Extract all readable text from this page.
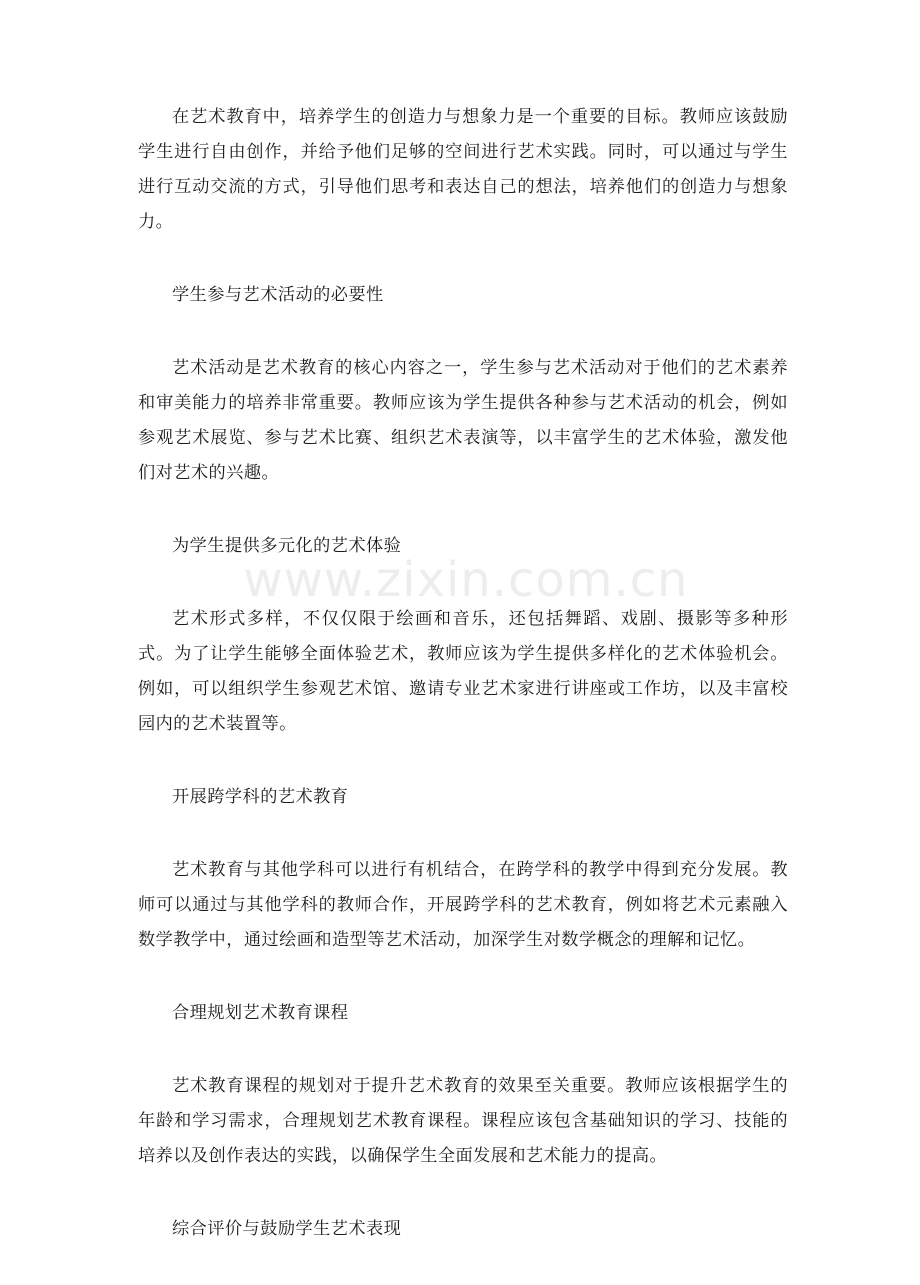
在艺术教育中，培养学生的创造力与想象力是一个重要的目标。教师应该鼓励学生进行自由创作，并给予他们足够的空间进行艺术实践。同时，可以通过与学生进行互动交流的方式，引导他们思考和表达自己的想法，培养他们的创造力与想象力。

学生参与艺术活动的必要性

艺术活动是艺术教育的核心内容之一，学生参与艺术活动对于他们的艺术素养和审美能力的培养非常重要。教师应该为学生提供各种参与艺术活动的机会，例如参观艺术展览、参与艺术比赛、组织艺术表演等，以丰富学生的艺术体验，激发他们对艺术的兴趣。

为学生提供多元化的艺术体验

艺术形式多样，不仅仅限于绘画和音乐，还包括舞蹈、戏剧、摄影等多种形式。为了让学生能够全面体验艺术，教师应该为学生提供多样化的艺术体验机会。例如，可以组织学生参观艺术馆、邀请专业艺术家进行讲座或工作坊，以及丰富校园内的艺术装置等。

开展跨学科的艺术教育

艺术教育与其他学科可以进行有机结合，在跨学科的教学中得到充分发展。教师可以通过与其他学科的教师合作，开展跨学科的艺术教育，例如将艺术元素融入数学教学中，通过绘画和造型等艺术活动，加深学生对数学概念的理解和记忆。

合理规划艺术教育课程

艺术教育课程的规划对于提升艺术教育的效果至关重要。教师应该根据学生的年龄和学习需求，合理规划艺术教育课程。课程应该包含基础知识的学习、技能的培养以及创作表达的实践，以确保学生全面发展和艺术能力的提高。

综合评价与鼓励学生艺术表现

www.zixin.com.cn
